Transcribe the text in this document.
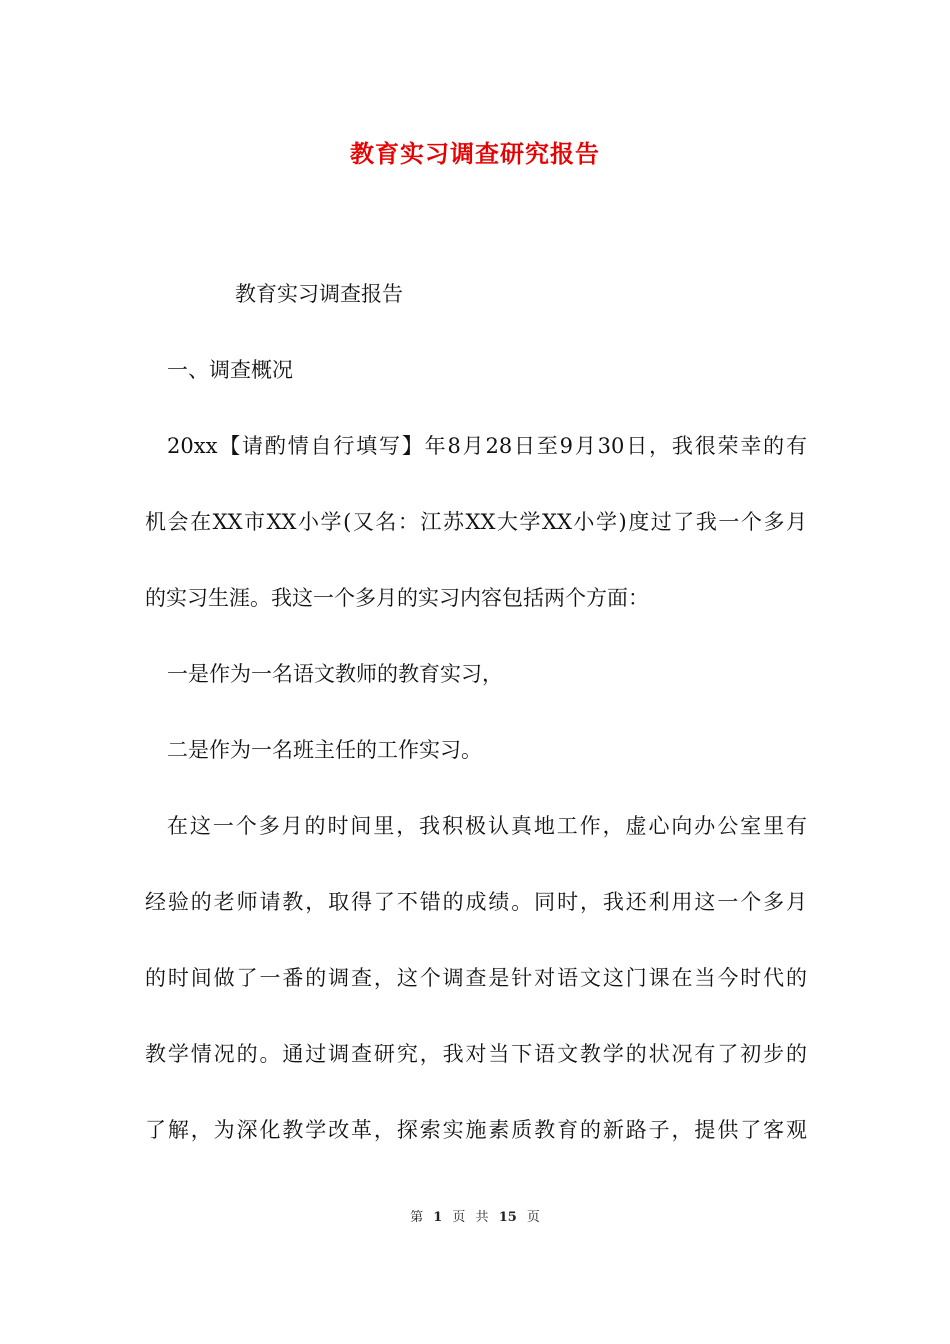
教育实习调查研究报告
教育实习调查报告
一、调查概况
20xx【请酌情自行填写】年8月28日至9月30日，我很荣幸的有
机会在XX市XX小学(又名：江苏XX大学XX小学)度过了我一个多月
的实习生涯。我这一个多月的实习内容包括两个方面：
一是作为一名语文教师的教育实习，
二是作为一名班主任的工作实习。
在这一个多月的时间里，我积极认真地工作，虚心向办公室里有
经验的老师请教，取得了不错的成绩。同时，我还利用这一个多月
的时间做了一番的调查，这个调查是针对语文这门课在当今时代的
教学情况的。通过调查研究，我对当下语文教学的状况有了初步的
了解，为深化教学改革，探索实施素质教育的新路子，提供了客观
第 1 页 共 15 页
